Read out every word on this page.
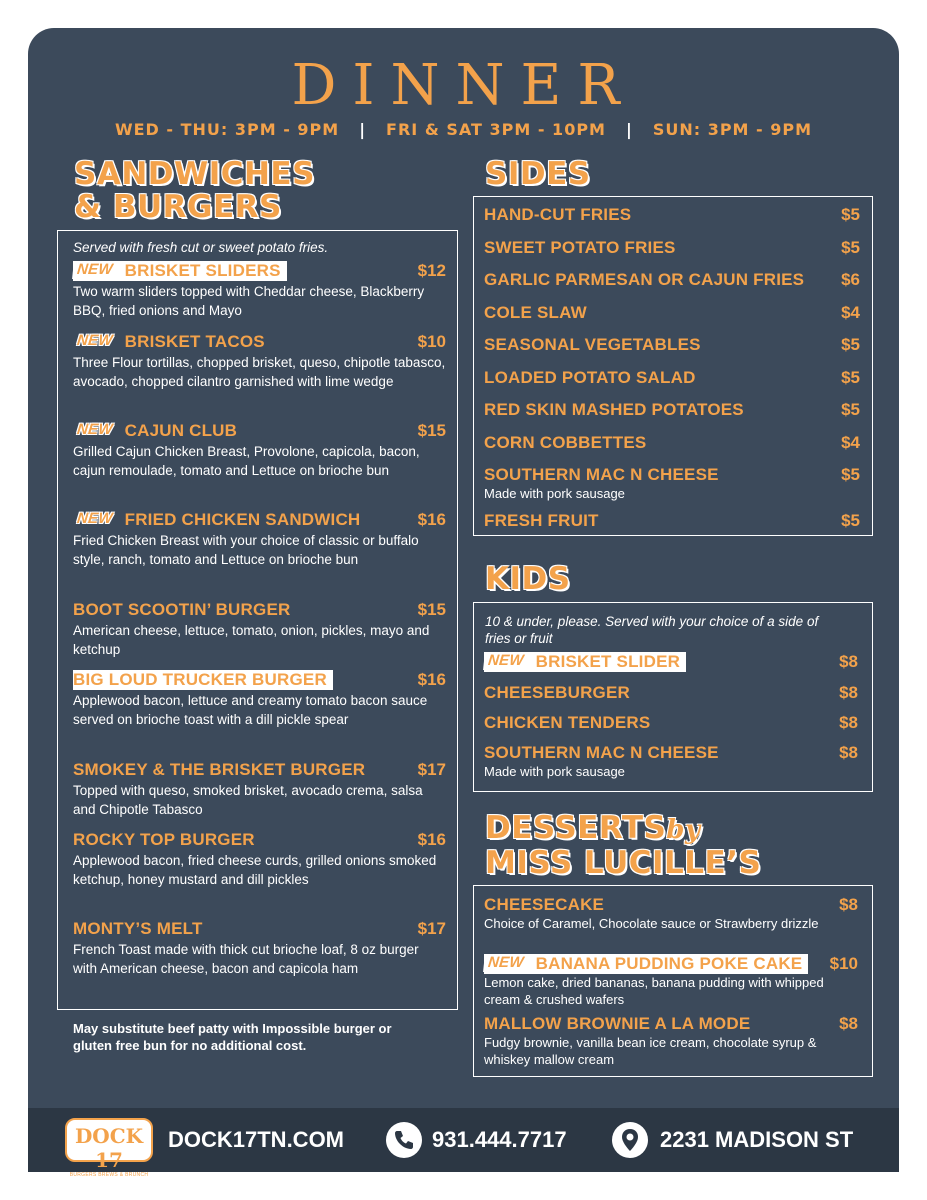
DINNER
WED - THU: 3PM - 9PM | FRI & SAT 3PM - 10PM | SUN: 3PM - 9PM
SANDWICHES
& BURGERS
Served with fresh cut or sweet potato fries.
NEW BRISKET SLIDERS	$12
Two warm sliders topped with Cheddar cheese, Blackberry BBQ, fried onions and Mayo
NEW BRISKET TACOS	$10
Three Flour tortillas, chopped brisket, queso, chipotle tabasco, avocado, chopped cilantro garnished with lime wedge
NEW CAJUN CLUB	$15
Grilled Cajun Chicken Breast, Provolone, capicola, bacon, cajun remoulade, tomato and Lettuce on brioche bun
NEW FRIED CHICKEN SANDWICH	$16
Fried Chicken Breast with your choice of classic or buffalo style, ranch, tomato and Lettuce on brioche bun
BOOT SCOOTIN’ BURGER	$15
American cheese, lettuce, tomato, onion, pickles, mayo and ketchup
BIG LOUD TRUCKER BURGER	$16
Applewood bacon, lettuce and creamy tomato bacon sauce served on brioche toast with a dill pickle spear
SMOKEY & THE BRISKET BURGER	$17
Topped with queso, smoked brisket, avocado crema, salsa and Chipotle Tabasco
ROCKY TOP BURGER	$16
Applewood bacon, fried cheese curds, grilled onions smoked ketchup, honey mustard and dill pickles
MONTY’S MELT	$17
French Toast made with thick cut brioche loaf, 8 oz burger with American cheese, bacon and capicola ham
May substitute beef patty with Impossible burger or gluten free bun for no additional cost.
SIDES
HAND-CUT FRIES	$5
SWEET POTATO FRIES	$5
GARLIC PARMESAN OR CAJUN FRIES	$6
COLE SLAW	$4
SEASONAL VEGETABLES	$5
LOADED POTATO SALAD	$5
RED SKIN MASHED POTATOES	$5
CORN COBBETTES	$4
SOUTHERN MAC N CHEESE	$5
Made with pork sausage
FRESH FRUIT	$5
KIDS
10 & under, please. Served with your choice of a side of fries or fruit
NEW BRISKET SLIDER	$8
CHEESEBURGER	$8
CHICKEN TENDERS	$8
SOUTHERN MAC N CHEESE	$8
Made with pork sausage
DESSERTSby
MISS LUCILLE’S
CHEESECAKE	$8
Choice of Caramel, Chocolate sauce or Strawberry drizzle
NEW BANANA PUDDING POKE CAKE $10
Lemon cake, dried bananas, banana pudding with whipped cream & crushed wafers
MALLOW BROWNIE A LA MODE	$8
Fudgy brownie, vanilla bean ice cream, chocolate syrup & whiskey mallow cream
DOCK 17
BURGERS BREWS & BRUNCH
DOCK17TN.COM	931.444.7717	2231 MADISON ST
